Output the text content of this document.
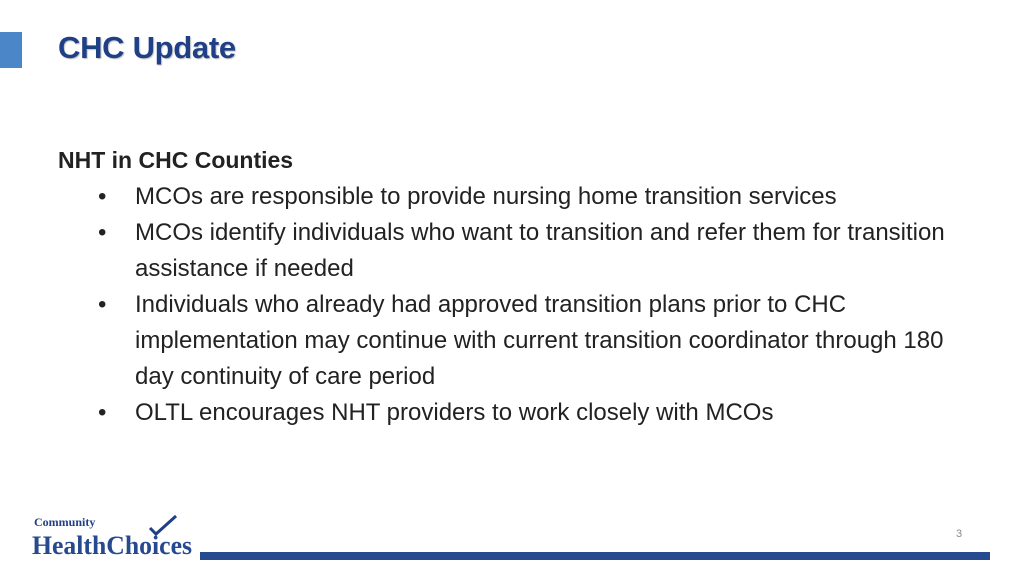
CHC Update
NHT in CHC Counties
• MCOs are responsible to provide nursing home transition services
• MCOs identify individuals who want to transition and refer them for transition assistance if needed
• Individuals who already had approved transition plans prior to CHC implementation may continue with current transition coordinator through 180 day continuity of care period
• OLTL encourages NHT providers to work closely with MCOs
Community
HealthChoices	3
